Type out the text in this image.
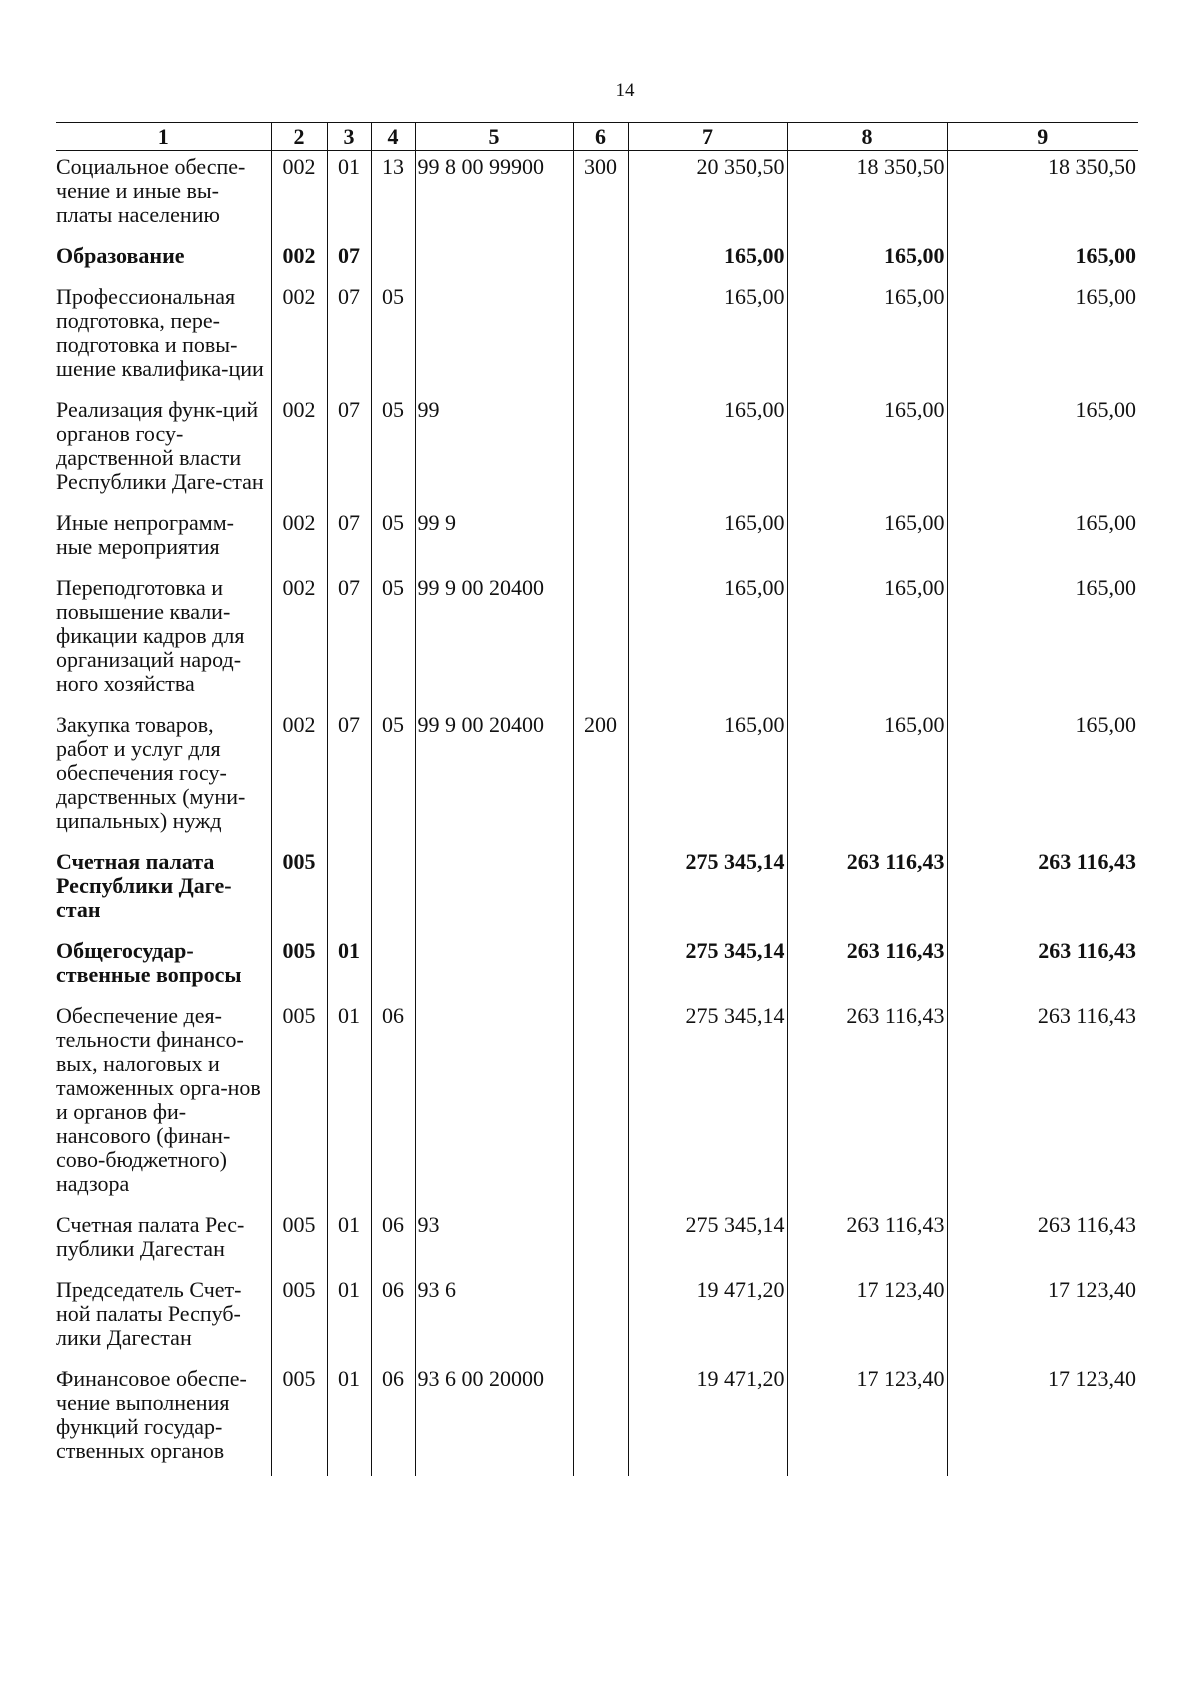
14
1	2	3	4	5	6	7	8	9
Социальное обеспе-чение и иные вы-платы населению	002	01	13	99 8 00 99900	300	20 350,50	18 350,50	18 350,50
Образование	002	07				165,00	165,00	165,00
Профессиональная подготовка, пере-подготовка и повы-шение квалифика-ции	002	07	05			165,00	165,00	165,00
Реализация функ-ций органов госу-дарственной власти Республики Даге-стан	002	07	05	99		165,00	165,00	165,00
Иные непрограмм-ные мероприятия	002	07	05	99 9		165,00	165,00	165,00
Переподготовка и повышение квали-фикации кадров для организаций народ-ного хозяйства	002	07	05	99 9 00 20400		165,00	165,00	165,00
Закупка товаров, работ и услуг для обеспечения госу-дарственных (муни-ципальных) нужд	002	07	05	99 9 00 20400	200	165,00	165,00	165,00
Счетная палата Республики Даге-стан	005					275 345,14	263 116,43	263 116,43
Общегосудар-ственные вопросы	005	01				275 345,14	263 116,43	263 116,43
Обеспечение дея-тельности финансо-вых, налоговых и таможенных орга-нов и органов фи-нансового (финан-сово-бюджетного) надзора	005	01	06			275 345,14	263 116,43	263 116,43
Счетная палата Рес-публики Дагестан	005	01	06	93		275 345,14	263 116,43	263 116,43
Председатель Счет-ной палаты Респуб-лики Дагестан	005	01	06	93 6		19 471,20	17 123,40	17 123,40
Финансовое обеспе-чение выполнения функций государ-ственных органов	005	01	06	93 6 00 20000		19 471,20	17 123,40	17 123,40
